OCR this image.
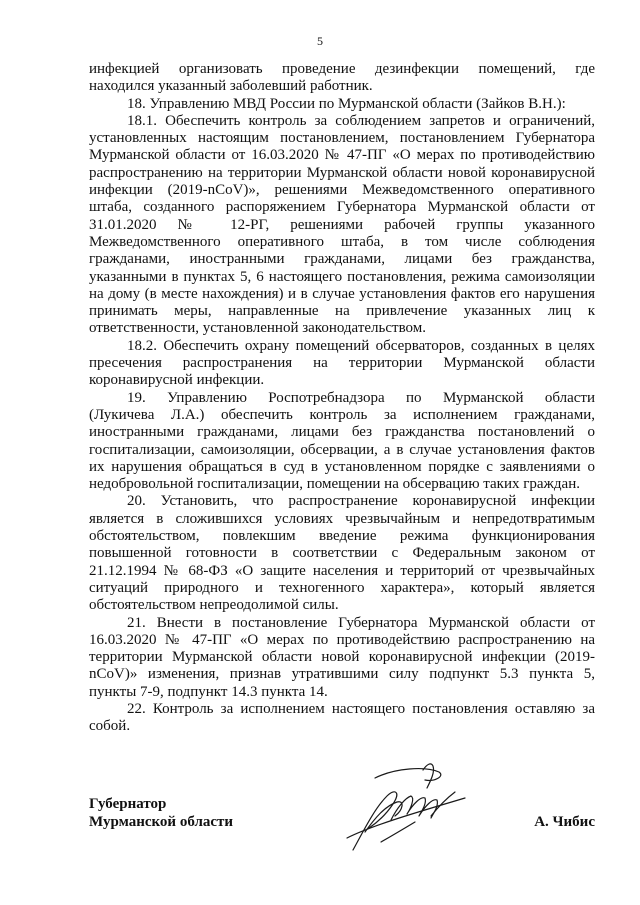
5
инфекцией организовать проведение дезинфекции помещений, где
находился указанный заболевший работник.
18. Управлению МВД России по Мурманской области (Зайков В.Н.):
18.1. Обеспечить контроль за соблюдением запретов и ограничений,
установленных настоящим постановлением, постановлением Губернатора
Мурманской области от 16.03.2020 № 47-ПГ «О мерах по противодействию
распространению на территории Мурманской области новой коронавирусной
инфекции (2019-nCoV)», решениями Межведомственного оперативного
штаба, созданного распоряжением Губернатора Мурманской области от
31.01.2020 № 12-РГ, решениями рабочей группы указанного
Межведомственного оперативного штаба, в том числе соблюдения
гражданами, иностранными гражданами, лицами без гражданства,
указанными в пунктах 5, 6 настоящего постановления, режима самоизоляции
на дому (в месте нахождения) и в случае установления фактов его нарушения
принимать меры, направленные на привлечение указанных лиц к
ответственности, установленной законодательством.
18.2. Обеспечить охрану помещений обсерваторов, созданных в целях
пресечения распространения на территории Мурманской области
коронавирусной инфекции.
19. Управлению Роспотребнадзора по Мурманской области
(Лукичева Л.А.) обеспечить контроль за исполнением гражданами,
иностранными гражданами, лицами без гражданства постановлений о
госпитализации, самоизоляции, обсервации, а в случае установления фактов
их нарушения обращаться в суд в установленном порядке с заявлениями о
недобровольной госпитализации, помещении на обсервацию таких граждан.
20. Установить, что распространение коронавирусной инфекции
является в сложившихся условиях чрезвычайным и непредотвратимым
обстоятельством, повлекшим введение режима функционирования
повышенной готовности в соответствии с Федеральным законом от
21.12.1994 № 68-ФЗ «О защите населения и территорий от чрезвычайных
ситуаций природного и техногенного характера», который является
обстоятельством непреодолимой силы.
21. Внести в постановление Губернатора Мурманской области от
16.03.2020 № 47-ПГ «О мерах по противодействию распространению на
территории Мурманской области новой коронавирусной инфекции (2019-
nCoV)» изменения, признав утратившими силу подпункт 5.3 пункта 5,
пункты 7-9, подпункт 14.3 пункта 14.
22. Контроль за исполнением настоящего постановления оставляю за
собой.
Губернатор
Мурманской области	А. Чибис
